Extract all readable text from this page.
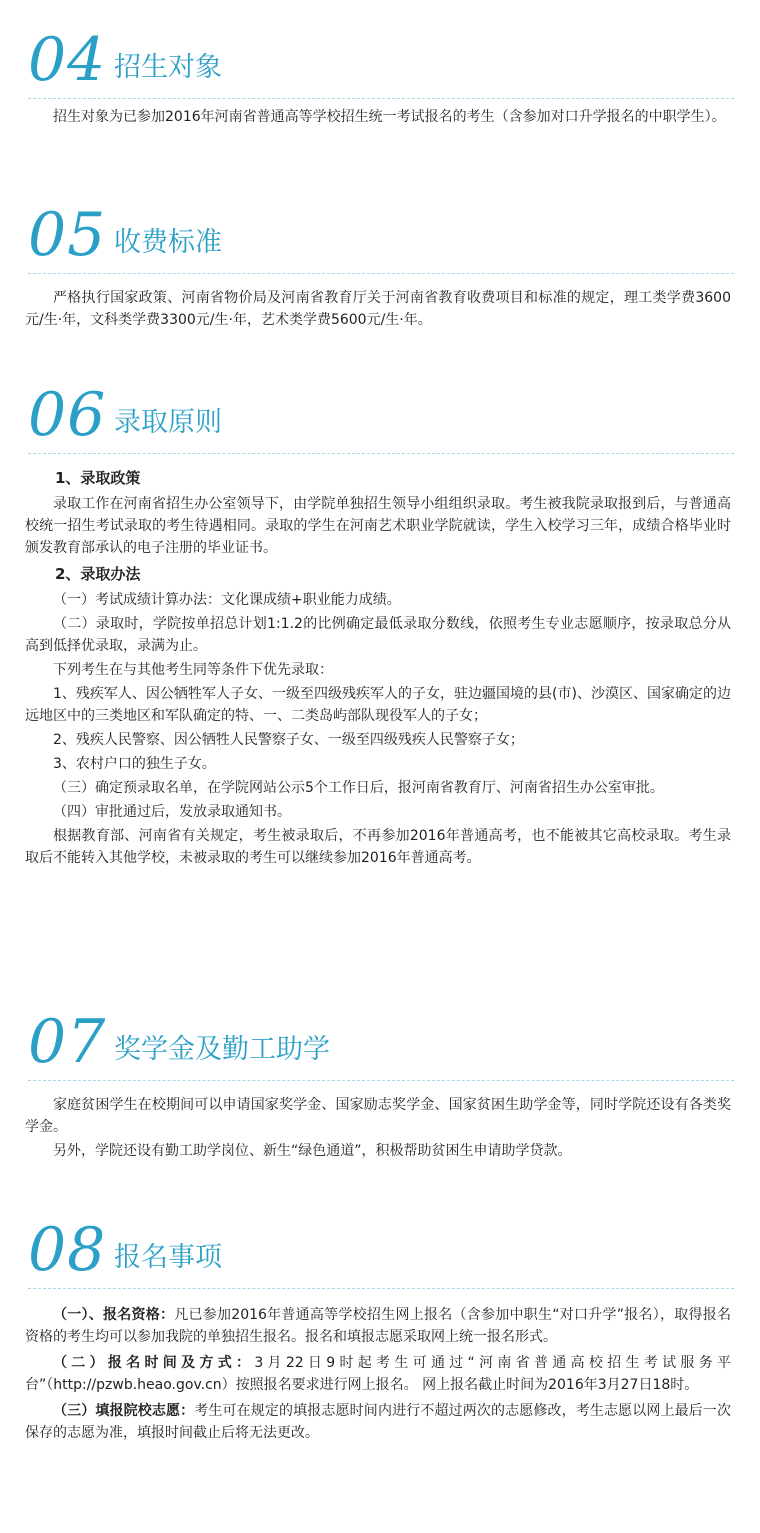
04 招生对象

招生对象为已参加2016年河南省普通高等学校招生统一考试报名的考生（含参加对口升学报名的中职学生）。

05 收费标准

严格执行国家政策、河南省物价局及河南省教育厅关于河南省教育收费项目和标准的规定，理工类学费3600元/生·年，文科类学费3300元/生·年，艺术类学费5600元/生·年。

06 录取原则
1、录取政策

录取工作在河南省招生办公室领导下，由学院单独招生领导小组组织录取。考生被我院录取报到后，与普通高校统一招生考试录取的考生待遇相同。录取的学生在河南艺术职业学院就读，学生入校学习三年，成绩合格毕业时颁发教育部承认的电子注册的毕业证书。

2、录取办法

（一）考试成绩计算办法：文化课成绩+职业能力成绩。

（二）录取时，学院按单招总计划1:1.2的比例确定最低录取分数线，依照考生专业志愿顺序，按录取总分从高到低择优录取，录满为止。

下列考生在与其他考生同等条件下优先录取：

1、残疾军人、因公牺牲军人子女、一级至四级残疾军人的子女，驻边疆国境的县(市)、沙漠区、国家确定的边远地区中的三类地区和军队确定的特、一、二类岛屿部队现役军人的子女；

2、残疾人民警察、因公牺牲人民警察子女、一级至四级残疾人民警察子女；

3、农村户口的独生子女。

（三）确定预录取名单，在学院网站公示5个工作日后，报河南省教育厅、河南省招生办公室审批。

（四）审批通过后，发放录取通知书。

根据教育部、河南省有关规定，考生被录取后，不再参加2016年普通高考，也不能被其它高校录取。考生录取后不能转入其他学校，未被录取的考生可以继续参加2016年普通高考。

07 奖学金及勤工助学

家庭贫困学生在校期间可以申请国家奖学金、国家励志奖学金、国家贫困生助学金等，同时学院还设有各类奖学金。

另外，学院还设有勤工助学岗位、新生“绿色通道”，积极帮助贫困生申请助学贷款。

08 报名事项

（一）、报名资格：凡已参加2016年普通高等学校招生网上报名（含参加中职生“对口升学”报名），取得报名资格的考生均可以参加我院的单独招生报名。报名和填报志愿采取网上统一报名形式。

（二）报名时间及方式：3月22日9时起考生可通过“河南省普通高校招生考试服务平台”（http://pzwb.heao.gov.cn）按照报名要求进行网上报名。 网上报名截止时间为2016年3月27日18时。

（三）填报院校志愿：考生可在规定的填报志愿时间内进行不超过两次的志愿修改，考生志愿以网上最后一次保存的志愿为准，填报时间截止后将无法更改。
